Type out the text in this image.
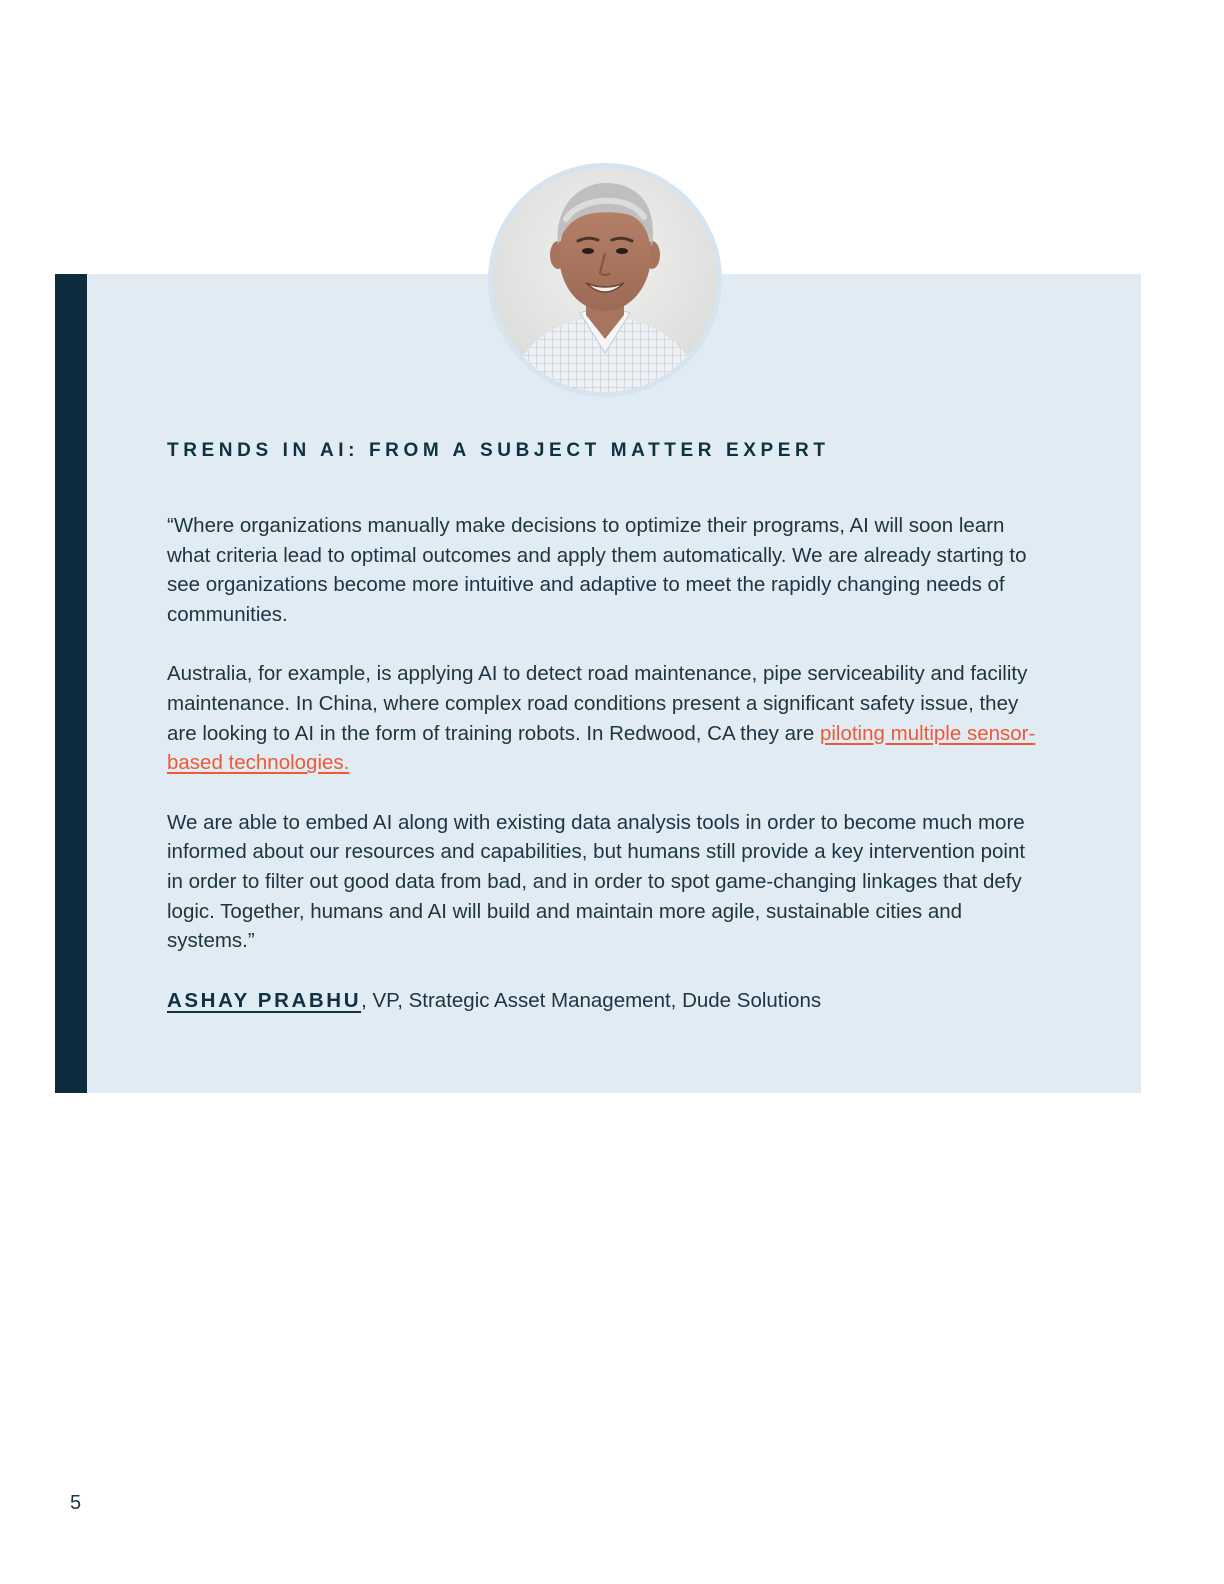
TRENDS IN AI: FROM A SUBJECT MATTER EXPERT

“Where organizations manually make decisions to optimize their programs, AI will soon learn what criteria lead to optimal outcomes and apply them automatically. We are already starting to see organizations become more intuitive and adaptive to meet the rapidly changing needs of communities.

Australia, for example, is applying AI to detect road maintenance, pipe serviceability and facility maintenance. In China, where complex road conditions present a significant safety issue, they are looking to AI in the form of training robots. In Redwood, CA they are piloting multiple sensor-based technologies.

We are able to embed AI along with existing data analysis tools in order to become much more informed about our resources and capabilities, but humans still provide a key intervention point in order to filter out good data from bad, and in order to spot game-changing linkages that defy logic. Together, humans and AI will build and maintain more agile, sustainable cities and systems.”

ASHAY PRABHU, VP, Strategic Asset Management, Dude Solutions

5
